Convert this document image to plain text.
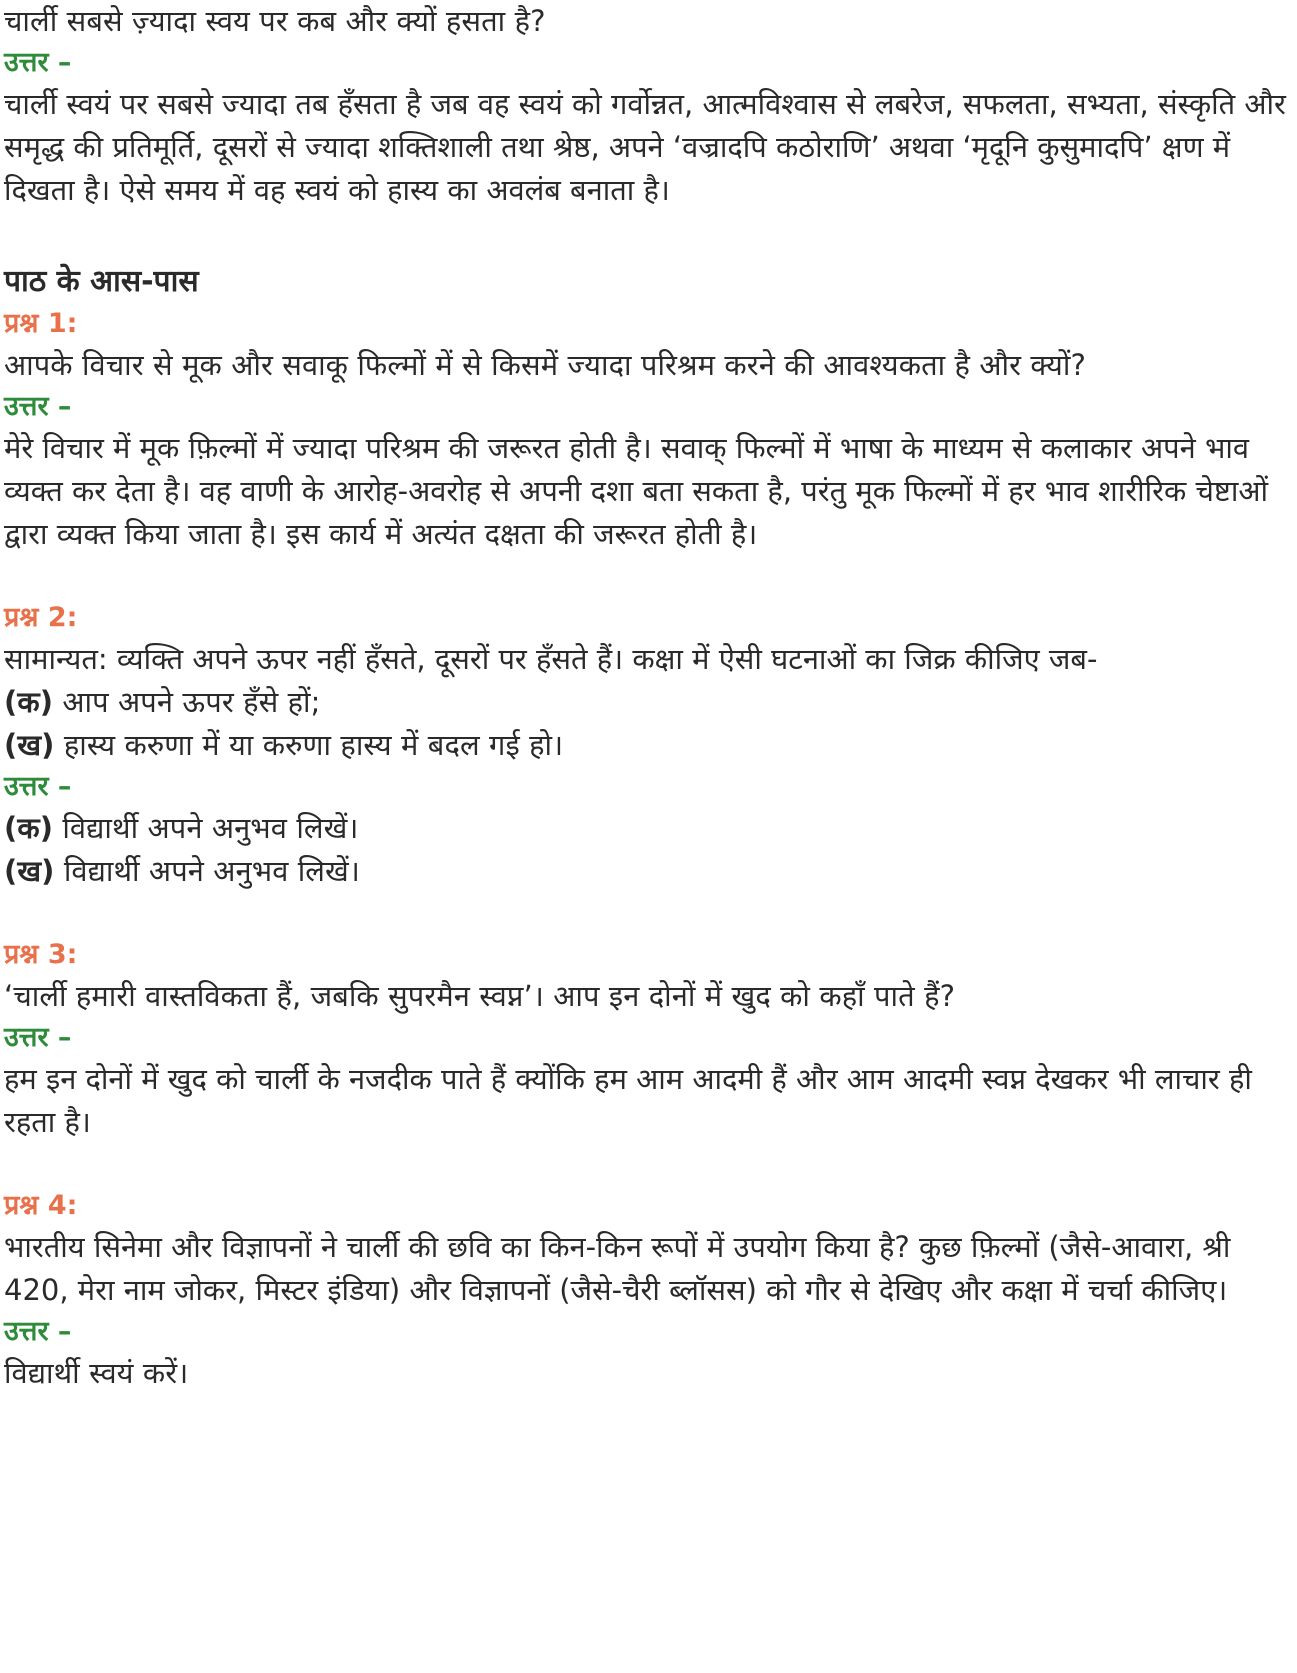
चार्ली सबसे ज़्यादा स्वय पर कब और क्यों हसता है?
उत्तर –

चार्ली स्वयं पर सबसे ज्यादा तब हँसता है जब वह स्वयं को गर्वोन्नत, आत्मविश्वास से लबरेज, सफलता, सभ्यता, संस्कृति और समृद्ध की प्रतिमूर्ति, दूसरों से ज्यादा शक्तिशाली तथा श्रेष्ठ, अपने ‘वज्रादपि कठोराणि’ अथवा ‘मृदूनि कुसुमादपि’ क्षण में दिखता है। ऐसे समय में वह स्वयं को हास्य का अवलंब बनाता है।

पाठ के आस-पास
प्रश्न 1:
आपके विचार से मूक और सवाकू फिल्मों में से किसमें ज्यादा परिश्रम करने की आवश्यकता है और क्यों?
उत्तर –

मेरे विचार में मूक फ़िल्मों में ज्यादा परिश्रम की जरूरत होती है। सवाक् फिल्मों में भाषा के माध्यम से कलाकार अपने भाव व्यक्त कर देता है। वह वाणी के आरोह-अवरोह से अपनी दशा बता सकता है, परंतु मूक फिल्मों में हर भाव शारीरिक चेष्टाओं द्वारा व्यक्त किया जाता है। इस कार्य में अत्यंत दक्षता की जरूरत होती है।

प्रश्न 2:

सामान्यत: व्यक्ति अपने ऊपर नहीं हँसते, दूसरों पर हँसते हैं। कक्षा में ऐसी घटनाओं का जिक्र कीजिए जब-

(क) आप अपने ऊपर हँसे हों;
(ख) हास्य करुणा में या करुणा हास्य में बदल गई हो।
उत्तर –
(क) विद्यार्थी अपने अनुभव लिखें।
(ख) विद्यार्थी अपने अनुभव लिखें।
प्रश्न 3:
‘चार्ली हमारी वास्तविकता हैं, जबकि सुपरमैन स्वप्न’। आप इन दोनों में खुद को कहाँ पाते हैं?
उत्तर –

हम इन दोनों में खुद को चार्ली के नजदीक पाते हैं क्योंकि हम आम आदमी हैं और आम आदमी स्वप्न देखकर भी लाचार ही रहता है।

प्रश्न 4:

भारतीय सिनेमा और विज्ञापनों ने चार्ली की छवि का किन-किन रूपों में उपयोग किया है? कुछ फ़िल्मों (जैसे-आवारा, श्री 420, मेरा नाम जोकर, मिस्टर इंडिया) और विज्ञापनों (जैसे-चैरी ब्लॉसस) को गौर से देखिए और कक्षा में चर्चा कीजिए।

उत्तर –
विद्यार्थी स्वयं करें।
